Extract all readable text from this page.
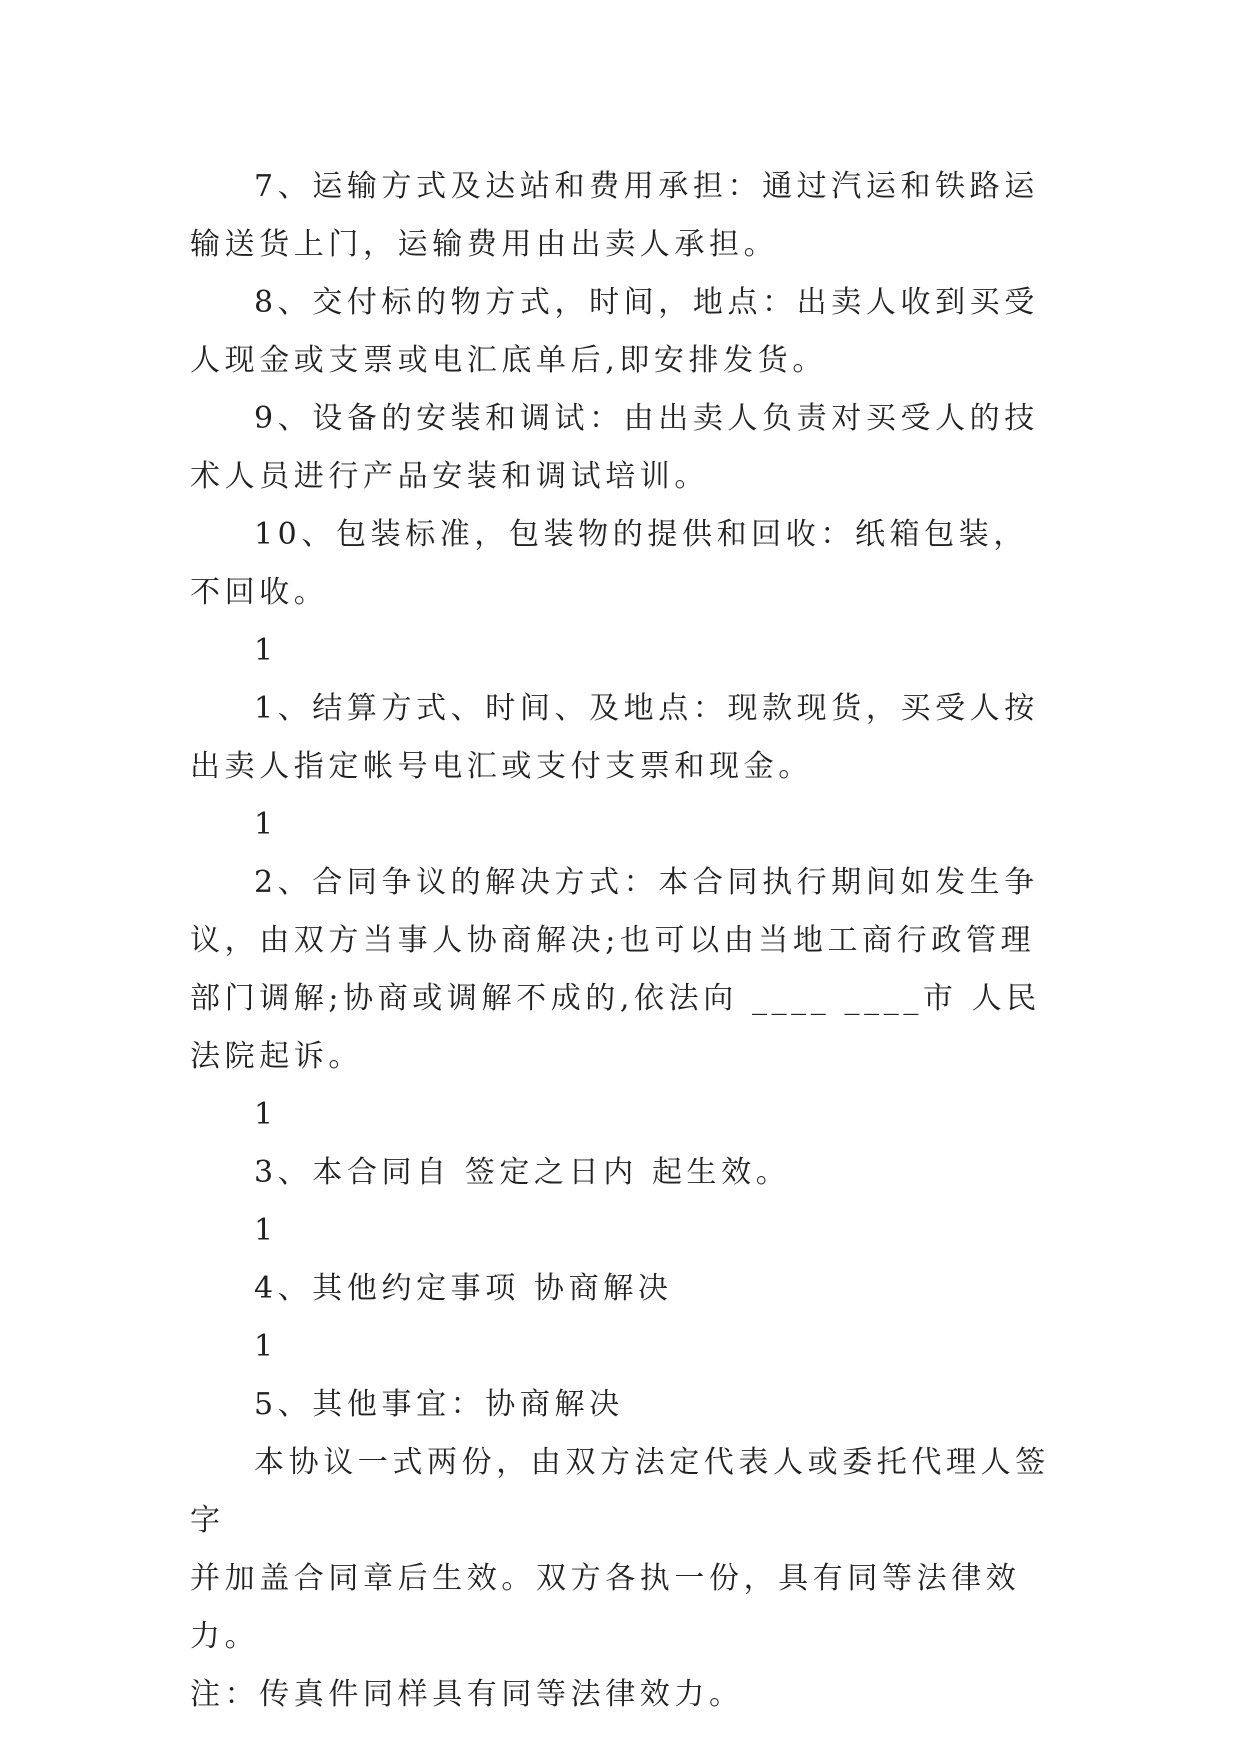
7、运输方式及达站和费用承担：通过汽运和铁路运输送货上门，运输费用由出卖人承担。

8、交付标的物方式，时间，地点：出卖人收到买受人现金或支票或电汇底单后,即安排发货。

9、设备的安装和调试：由出卖人负责对买受人的技术人员进行产品安装和调试培训。

10、包装标准，包装物的提供和回收：纸箱包装，不回收。

1

1、结算方式、时间、及地点：现款现货，买受人按出卖人指定帐号电汇或支付支票和现金。

1

2、合同争议的解决方式：本合同执行期间如发生争议，由双方当事人协商解决;也可以由当地工商行政管理部门调解;协商或调解不成的,依法向 ____ ____市 人民法院起诉。

1

3、本合同自 签定之日内 起生效。

1

4、其他约定事项 协商解决

1

5、其他事宜：协商解决

本协议一式两份，由双方法定代表人或委托代理人签字

并加盖合同章后生效。双方各执一份，具有同等法律效力。

注：传真件同样具有同等法律效力。
